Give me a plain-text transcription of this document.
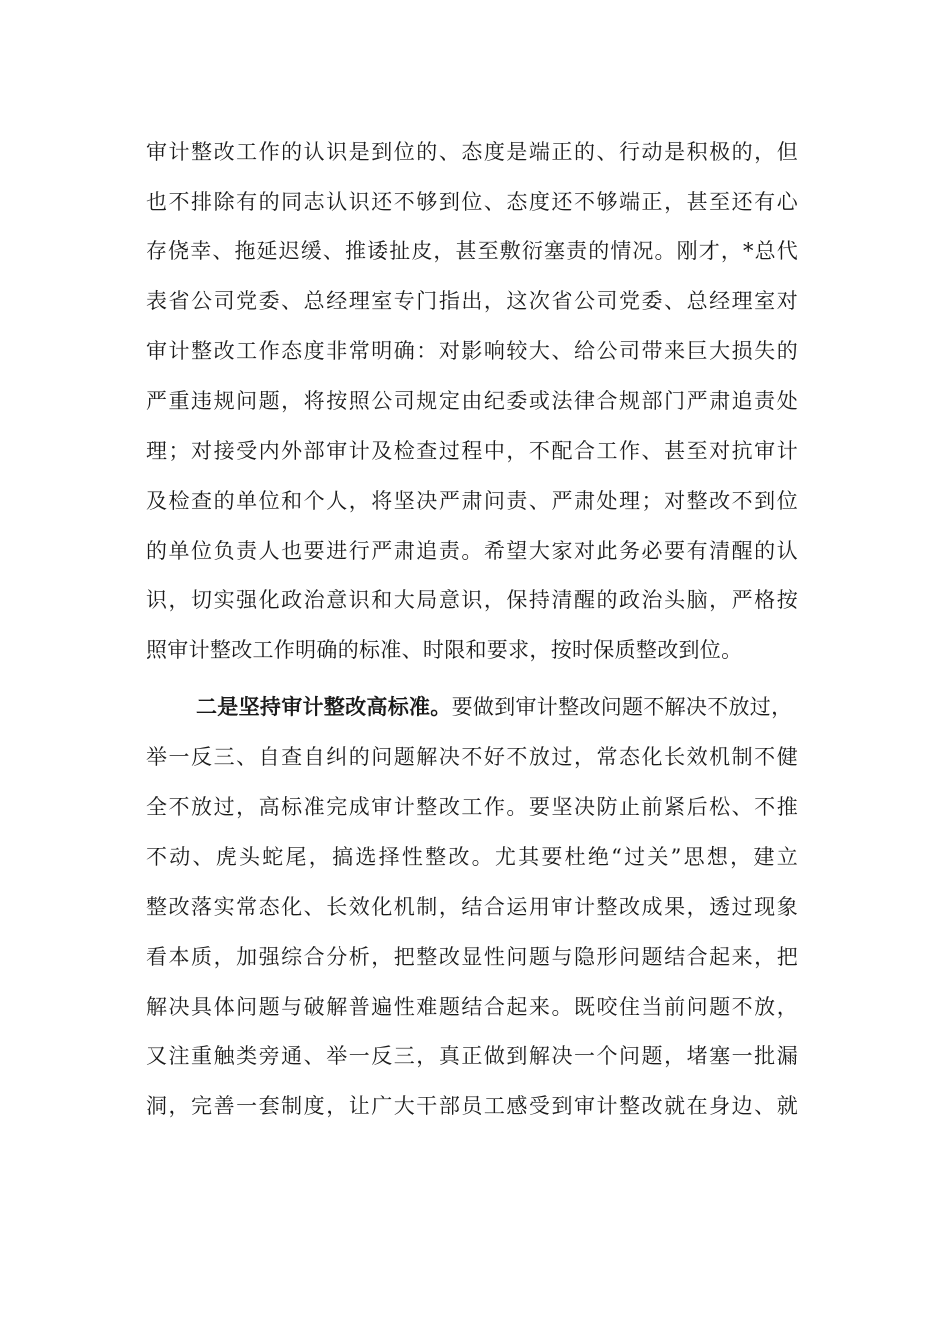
审计整改工作的认识是到位的、态度是端正的、行动是积极的，但
也不排除有的同志认识还不够到位、态度还不够端正，甚至还有心
存侥幸、拖延迟缓、推诿扯皮，甚至敷衍塞责的情况。刚才，*总代
表省公司党委、总经理室专门指出，这次省公司党委、总经理室对
审计整改工作态度非常明确：对影响较大、给公司带来巨大损失的
严重违规问题，将按照公司规定由纪委或法律合规部门严肃追责处
理；对接受内外部审计及检查过程中，不配合工作、甚至对抗审计
及检查的单位和个人，将坚决严肃问责、严肃处理；对整改不到位
的单位负责人也要进行严肃追责。希望大家对此务必要有清醒的认
识，切实强化政治意识和大局意识，保持清醒的政治头脑，严格按
照审计整改工作明确的标准、时限和要求，按时保质整改到位。
二是坚持审计整改高标准。要做到审计整改问题不解决不放过，
举一反三、自查自纠的问题解决不好不放过，常态化长效机制不健
全不放过，高标准完成审计整改工作。要坚决防止前紧后松、不推
不动、虎头蛇尾，搞选择性整改。尤其要杜绝“过关”思想，建立
整改落实常态化、长效化机制，结合运用审计整改成果，透过现象
看本质，加强综合分析，把整改显性问题与隐形问题结合起来，把
解决具体问题与破解普遍性难题结合起来。既咬住当前问题不放，
又注重触类旁通、举一反三，真正做到解决一个问题，堵塞一批漏
洞，完善一套制度，让广大干部员工感受到审计整改就在身边、就
